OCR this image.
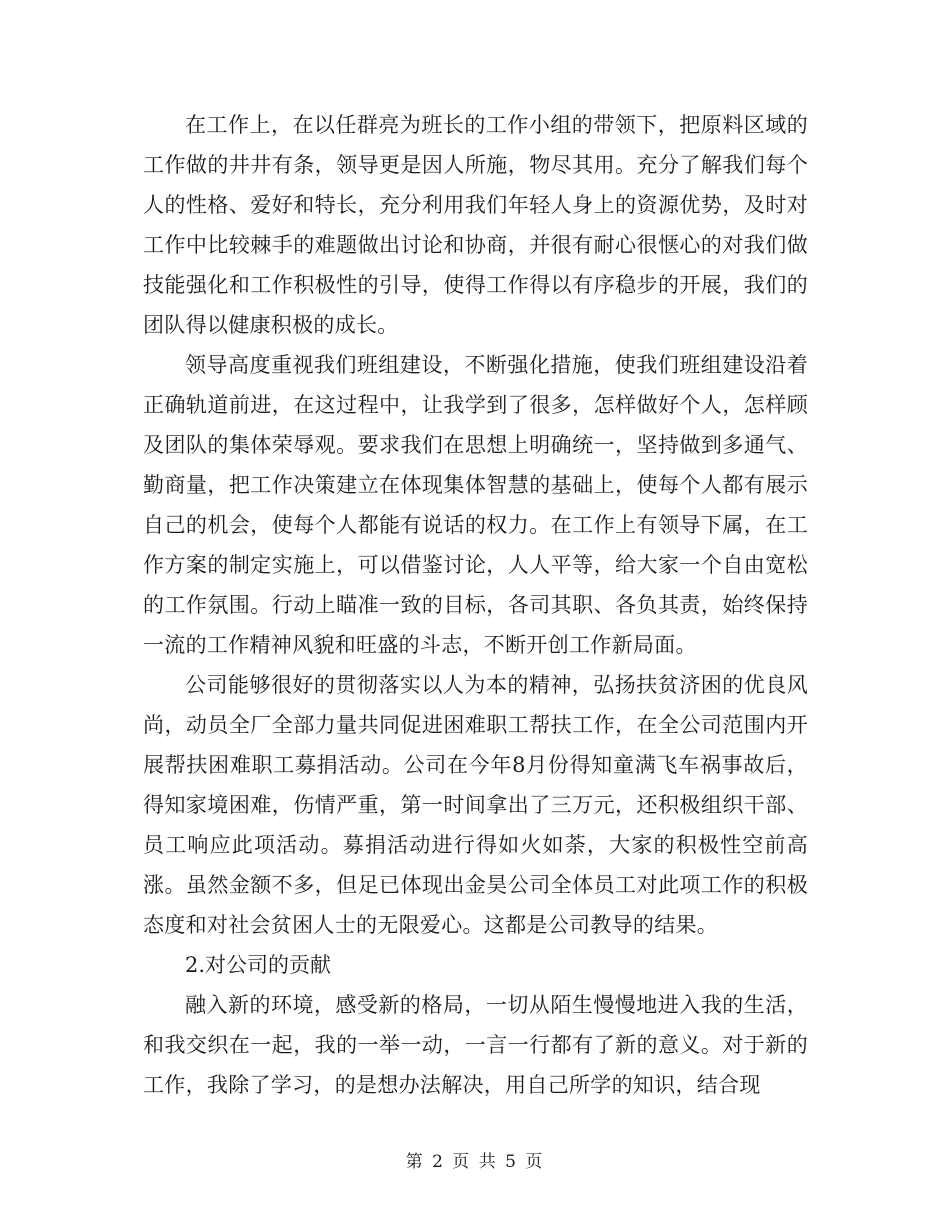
在工作上，在以任群亮为班长的工作小组的带领下，把原料区域的工作做的井井有条，领导更是因人所施，物尽其用。充分了解我们每个人的性格、爱好和特长，充分利用我们年轻人身上的资源优势，及时对工作中比较棘手的难题做出讨论和协商，并很有耐心很惬心的对我们做技能强化和工作积极性的引导，使得工作得以有序稳步的开展，我们的团队得以健康积极的成长。

领导高度重视我们班组建设，不断强化措施，使我们班组建设沿着正确轨道前进，在这过程中，让我学到了很多，怎样做好个人，怎样顾及团队的集体荣辱观。要求我们在思想上明确统一，坚持做到多通气、勤商量，把工作决策建立在体现集体智慧的基础上，使每个人都有展示自己的机会，使每个人都能有说话的权力。在工作上有领导下属，在工作方案的制定实施上，可以借鉴讨论，人人平等，给大家一个自由宽松的工作氛围。行动上瞄准一致的目标，各司其职、各负其责，始终保持一流的工作精神风貌和旺盛的斗志，不断开创工作新局面。

公司能够很好的贯彻落实以人为本的精神，弘扬扶贫济困的优良风尚，动员全厂全部力量共同促进困难职工帮扶工作，在全公司范围内开展帮扶困难职工募捐活动。公司在今年8月份得知童满飞车祸事故后，得知家境困难，伤情严重，第一时间拿出了三万元，还积极组织干部、员工响应此项活动。募捐活动进行得如火如荼，大家的积极性空前高涨。虽然金额不多，但足已体现出金昊公司全体员工对此项工作的积极态度和对社会贫困人士的无限爱心。这都是公司教导的结果。

2.对公司的贡献

融入新的环境，感受新的格局，一切从陌生慢慢地进入我的生活，和我交织在一起，我的一举一动，一言一行都有了新的意义。对于新的工作，我除了学习，的是想办法解决，用自己所学的知识，结合现

第 2 页 共 5 页
